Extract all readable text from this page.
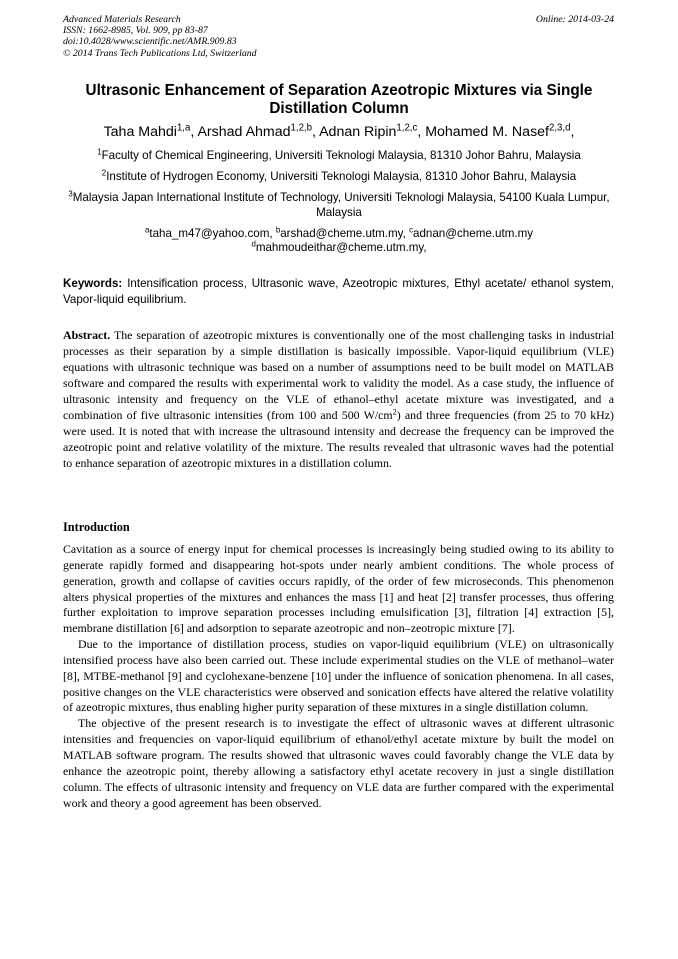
Advanced Materials Research
ISSN: 1662-8985, Vol. 909, pp 83-87
doi:10.4028/www.scientific.net/AMR.909.83
© 2014 Trans Tech Publications Ltd, Switzerland
Online: 2014-03-24
Ultrasonic Enhancement of Separation Azeotropic Mixtures via Single Distillation Column
Taha Mahdi$^{1,a}$, Arshad Ahmad$^{1,2,b}$, Adnan Ripin$^{1,2,c}$, Mohamed M. Nasef$^{2,3,d}$,
$^1$Faculty of Chemical Engineering, Universiti Teknologi Malaysia, 81310 Johor Bahru, Malaysia
$^2$Institute of Hydrogen Economy, Universiti Teknologi Malaysia, 81310 Johor Bahru, Malaysia
$^3$Malaysia Japan International Institute of Technology, Universiti Teknologi Malaysia, 54100 Kuala Lumpur, Malaysia
$^a$taha_m47@yahoo.com, $^b$arshad@cheme.utm.my, $^c$adnan@cheme.utm.my
$^d$mahmoudeithar@cheme.utm.my,
Keywords: Intensification process, Ultrasonic wave, Azeotropic mixtures, Ethyl acetate/ ethanol system, Vapor-liquid equilibrium.

Abstract. The separation of azeotropic mixtures is conventionally one of the most challenging tasks in industrial processes as their separation by a simple distillation is basically impossible. Vapor-liquid equilibrium (VLE) equations with ultrasonic technique was based on a number of assumptions need to be built model on MATLAB software and compared the results with experimental work to validity the model. As a case study, the influence of ultrasonic intensity and frequency on the VLE of ethanol–ethyl acetate mixture was investigated, and a combination of five ultrasonic intensities (from 100 and 500 $W/cm^2$) and three frequencies (from 25 to 70 kHz) were used. It is noted that with increase the ultrasound intensity and decrease the frequency can be improved the azeotropic point and relative volatility of the mixture. The results revealed that ultrasonic waves had the potential to enhance separation of azeotropic mixtures in a distillation column.

Introduction

Cavitation as a source of energy input for chemical processes is increasingly being studied owing to its ability to generate rapidly formed and disappearing hot-spots under nearly ambient conditions. The whole process of generation, growth and collapse of cavities occurs rapidly, of the order of few microseconds. This phenomenon alters physical properties of the mixtures and enhances the mass [1] and heat [2] transfer processes, thus offering further exploitation to improve separation processes including emulsification [3], filtration [4] extraction [5], membrane distillation [6] and adsorption to separate azeotropic and non–zeotropic mixture [7].

Due to the importance of distillation process, studies on vapor-liquid equilibrium (VLE) on ultrasonically intensified process have also been carried out. These include experimental studies on the VLE of methanol–water [8], MTBE-methanol [9] and cyclohexane-benzene [10] under the influence of sonication phenomena. In all cases, positive changes on the VLE characteristics were observed and sonication effects have altered the relative volatility of azeotropic mixtures, thus enabling higher purity separation of these mixtures in a single distillation column.

The objective of the present research is to investigate the effect of ultrasonic waves at different ultrasonic intensities and frequencies on vapor-liquid equilibrium of ethanol/ethyl acetate mixture by built the model on MATLAB software program. The results showed that ultrasonic waves could favorably change the VLE data by enhance the azeotropic point, thereby allowing a satisfactory ethyl acetate recovery in just a single distillation column. The effects of ultrasonic intensity and frequency on VLE data are further compared with the experimental work and theory a good agreement has been observed.
